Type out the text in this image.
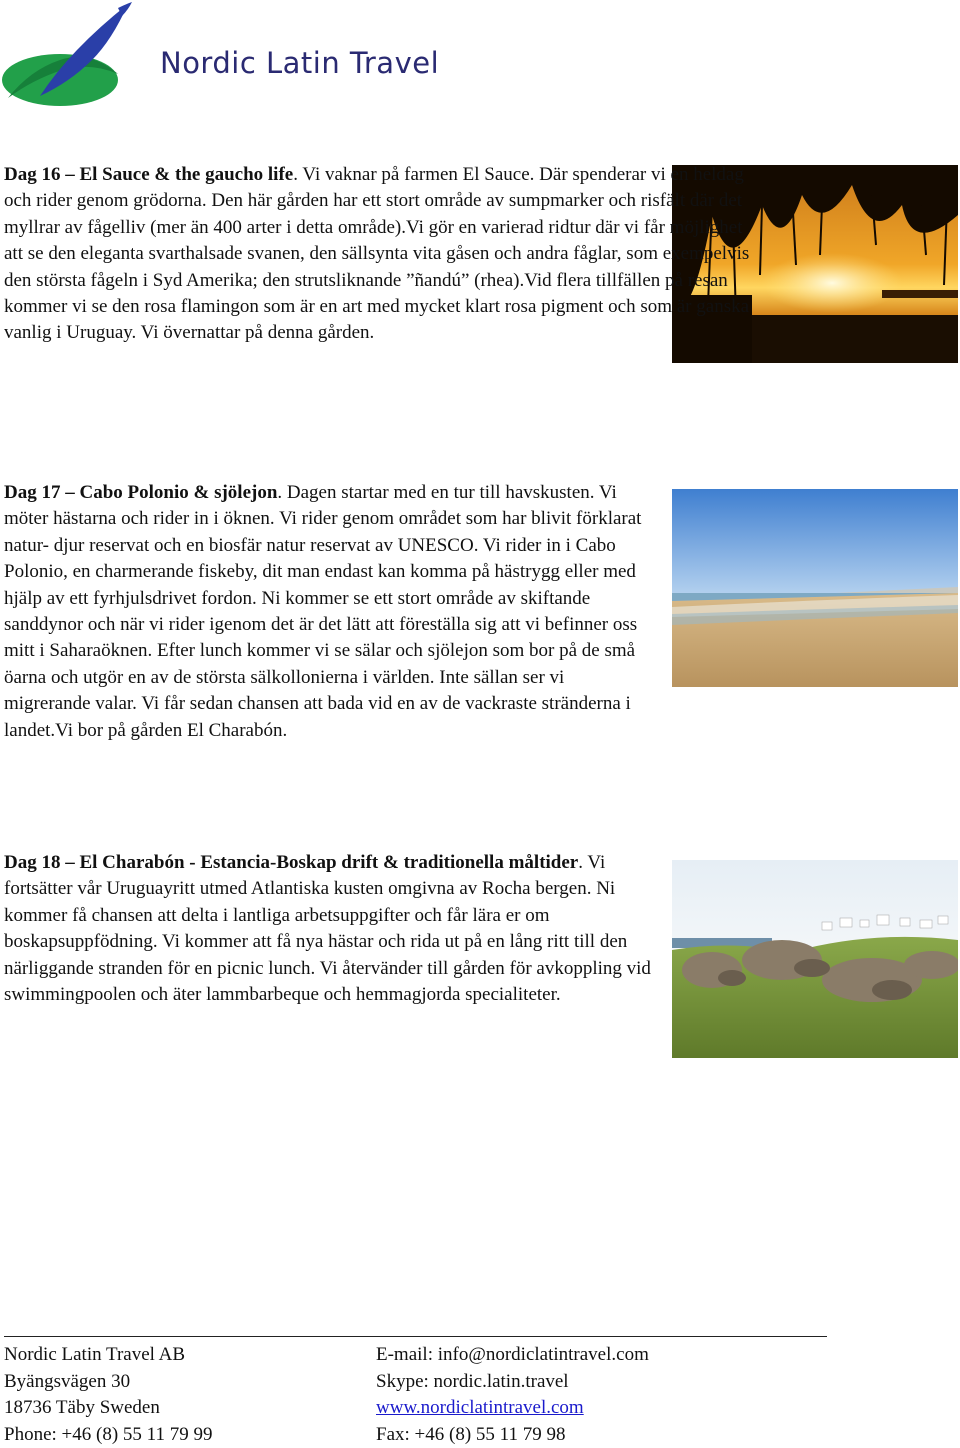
Nordic Latin Travel
Dag 16 – El Sauce & the gaucho life. Vi vaknar på farmen El Sauce. Där spenderar vi en heldag och rider genom grödorna. Den här gården har ett stort område av sumpmarker och risfält där det myllrar av fågelliv (mer än 400 arter i detta område).Vi gör en varierad ridtur där vi får möjlighet att se den eleganta svarthalsade svanen, den sällsynta vita gåsen och andra fåglar, som exempelvis den största fågeln i Syd Amerika; den strutsliknande ”ñandú” (rhea).Vid flera tillfällen på resan kommer vi se den rosa flamingon som är en art med mycket klart rosa pigment och som är ganska vanlig i Uruguay. Vi övernattar på denna gården.
Dag 17 – Cabo Polonio & sjölejon. Dagen startar med en tur till havskusten. Vi möter hästarna och rider in i öknen. Vi rider genom området som har blivit förklarat natur- djur reservat och en biosfär natur reservat av UNESCO. Vi rider in i Cabo Polonio, en charmerande fiskeby, dit man endast kan komma på hästrygg eller med hjälp av ett fyrhjulsdrivet fordon. Ni kommer se ett stort område av skiftande sanddynor och när vi rider igenom det är det lätt att föreställa sig att vi befinner oss mitt i Saharaöknen. Efter lunch kommer vi se sälar och sjölejon som bor på de små öarna och utgör en av de största sälkollonierna i världen. Inte sällan ser vi migrerande valar. Vi får sedan chansen att bada vid en av de vackraste stränderna i landet.Vi bor på gården El Charabón.
Dag 18 – El Charabón - Estancia-Boskap drift & traditionella måltider. Vi fortsätter vår Uruguayritt utmed Atlantiska kusten omgivna av Rocha bergen. Ni kommer få chansen att delta i lantliga arbetsuppgifter och får lära er om boskapsuppfödning. Vi kommer att få nya hästar och rida ut på en lång ritt till den närliggande stranden för en picnic lunch. Vi återvänder till gården för avkoppling vid swimmingpoolen och äter lammbarbeque och hemmagjorda specialiteter.
Nordic Latin Travel AB
Byängsvägen 30
18736 Täby Sweden
Phone: +46 (8) 55 11 79 99
E-mail: info@nordiclatintravel.com
Skype: nordic.latin.travel
www.nordiclatintravel.com
Fax: +46 (8) 55 11 79 98
